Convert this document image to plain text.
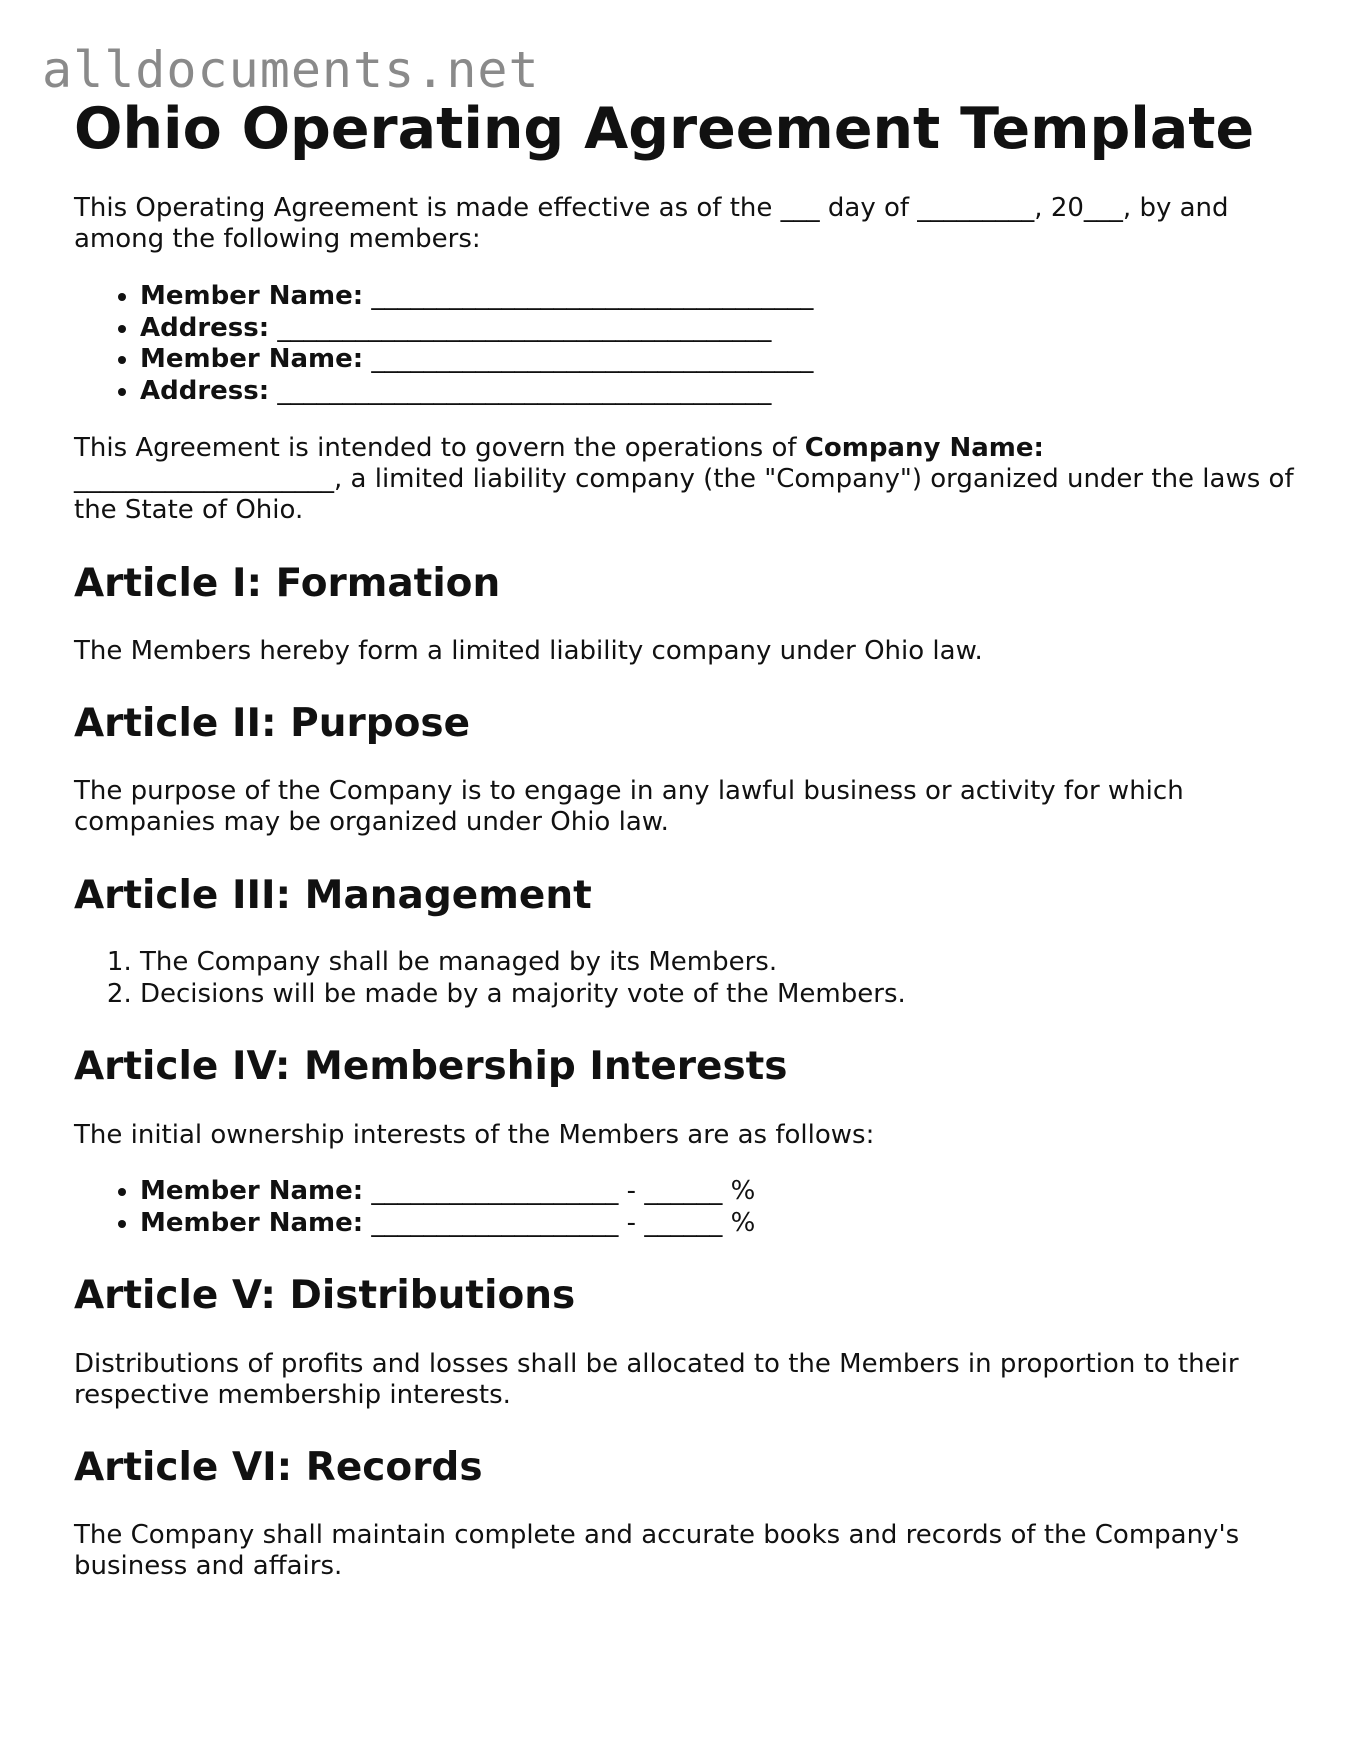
alldocuments.net
Ohio Operating Agreement Template

This Operating Agreement is made effective as of the ___ day of _________, 20___, by and among the following members:

• Member Name: __________________________________
• Address: ______________________________________
• Member Name: __________________________________
• Address: ______________________________________

This Agreement is intended to govern the operations of Company Name: ____________________, a limited liability company (the "Company") organized under the laws of the State of Ohio.

Article I: Formation

The Members hereby form a limited liability company under Ohio law.

Article II: Purpose

The purpose of the Company is to engage in any lawful business or activity for which companies may be organized under Ohio law.

Article III: Management
1. The Company shall be managed by its Members.
2. Decisions will be made by a majority vote of the Members.
Article IV: Membership Interests

The initial ownership interests of the Members are as follows:

• Member Name: ___________________ - ______ %
• Member Name: ___________________ - ______ %
Article V: Distributions

Distributions of profits and losses shall be allocated to the Members in proportion to their respective membership interests.

Article VI: Records

The Company shall maintain complete and accurate books and records of the Company's business and affairs.
